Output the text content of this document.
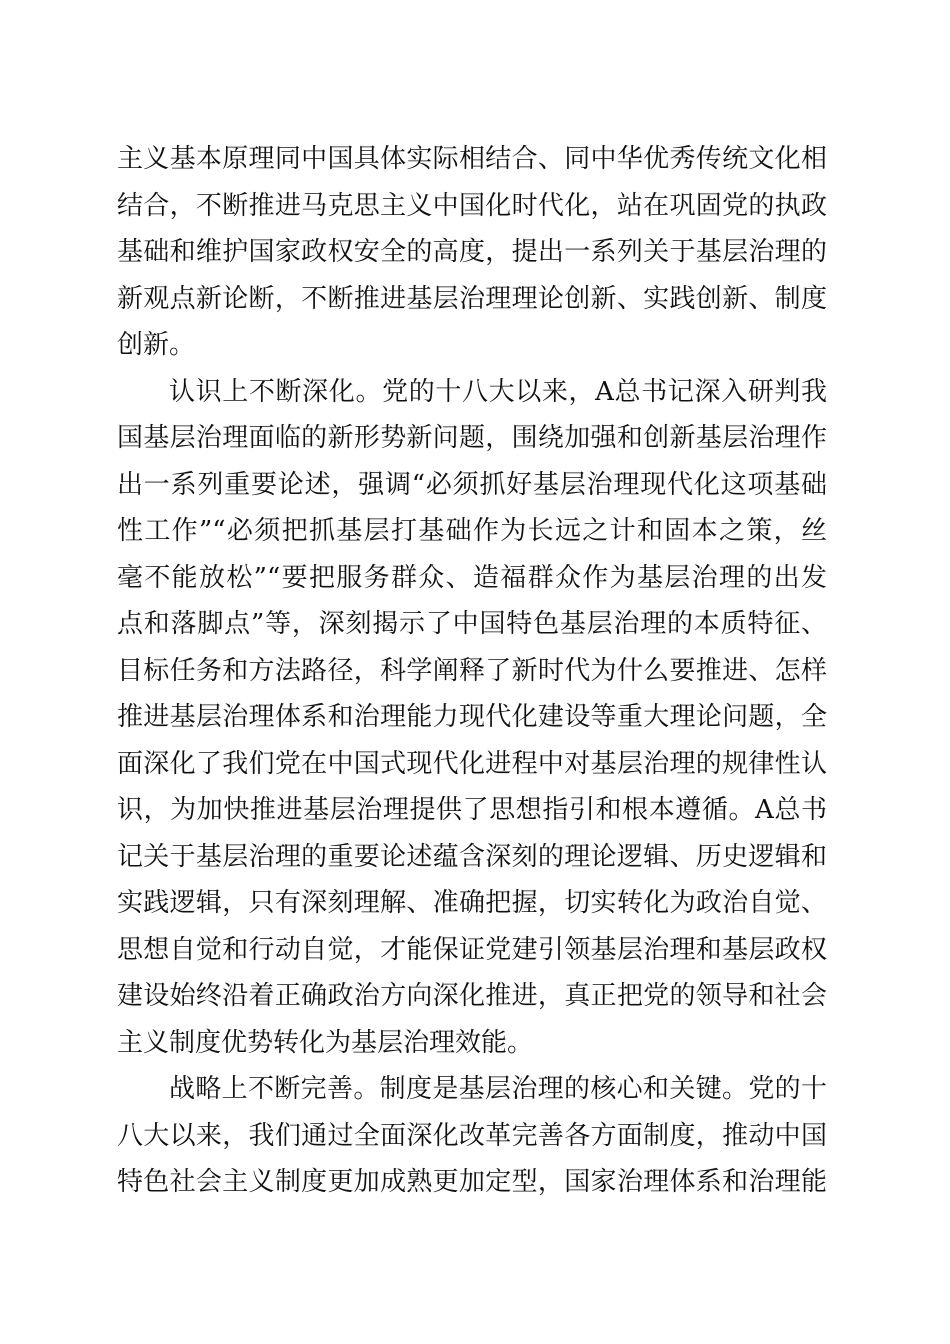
主义基本原理同中国具体实际相结合、同中华优秀传统文化相
结合，不断推进马克思主义中国化时代化，站在巩固党的执政
基础和维护国家政权安全的高度，提出一系列关于基层治理的
新观点新论断，不断推进基层治理理论创新、实践创新、制度
创新。
认识上不断深化。党的十八大以来，A总书记深入研判我
国基层治理面临的新形势新问题，围绕加强和创新基层治理作
出一系列重要论述，强调“必须抓好基层治理现代化这项基础
性工作”“必须把抓基层打基础作为长远之计和固本之策，丝
毫不能放松”“要把服务群众、造福群众作为基层治理的出发
点和落脚点”等，深刻揭示了中国特色基层治理的本质特征、
目标任务和方法路径，科学阐释了新时代为什么要推进、怎样
推进基层治理体系和治理能力现代化建设等重大理论问题，全
面深化了我们党在中国式现代化进程中对基层治理的规律性认
识，为加快推进基层治理提供了思想指引和根本遵循。A总书
记关于基层治理的重要论述蕴含深刻的理论逻辑、历史逻辑和
实践逻辑，只有深刻理解、准确把握，切实转化为政治自觉、
思想自觉和行动自觉，才能保证党建引领基层治理和基层政权
建设始终沿着正确政治方向深化推进，真正把党的领导和社会
主义制度优势转化为基层治理效能。
战略上不断完善。制度是基层治理的核心和关键。党的十
八大以来，我们通过全面深化改革完善各方面制度，推动中国
特色社会主义制度更加成熟更加定型，国家治理体系和治理能
